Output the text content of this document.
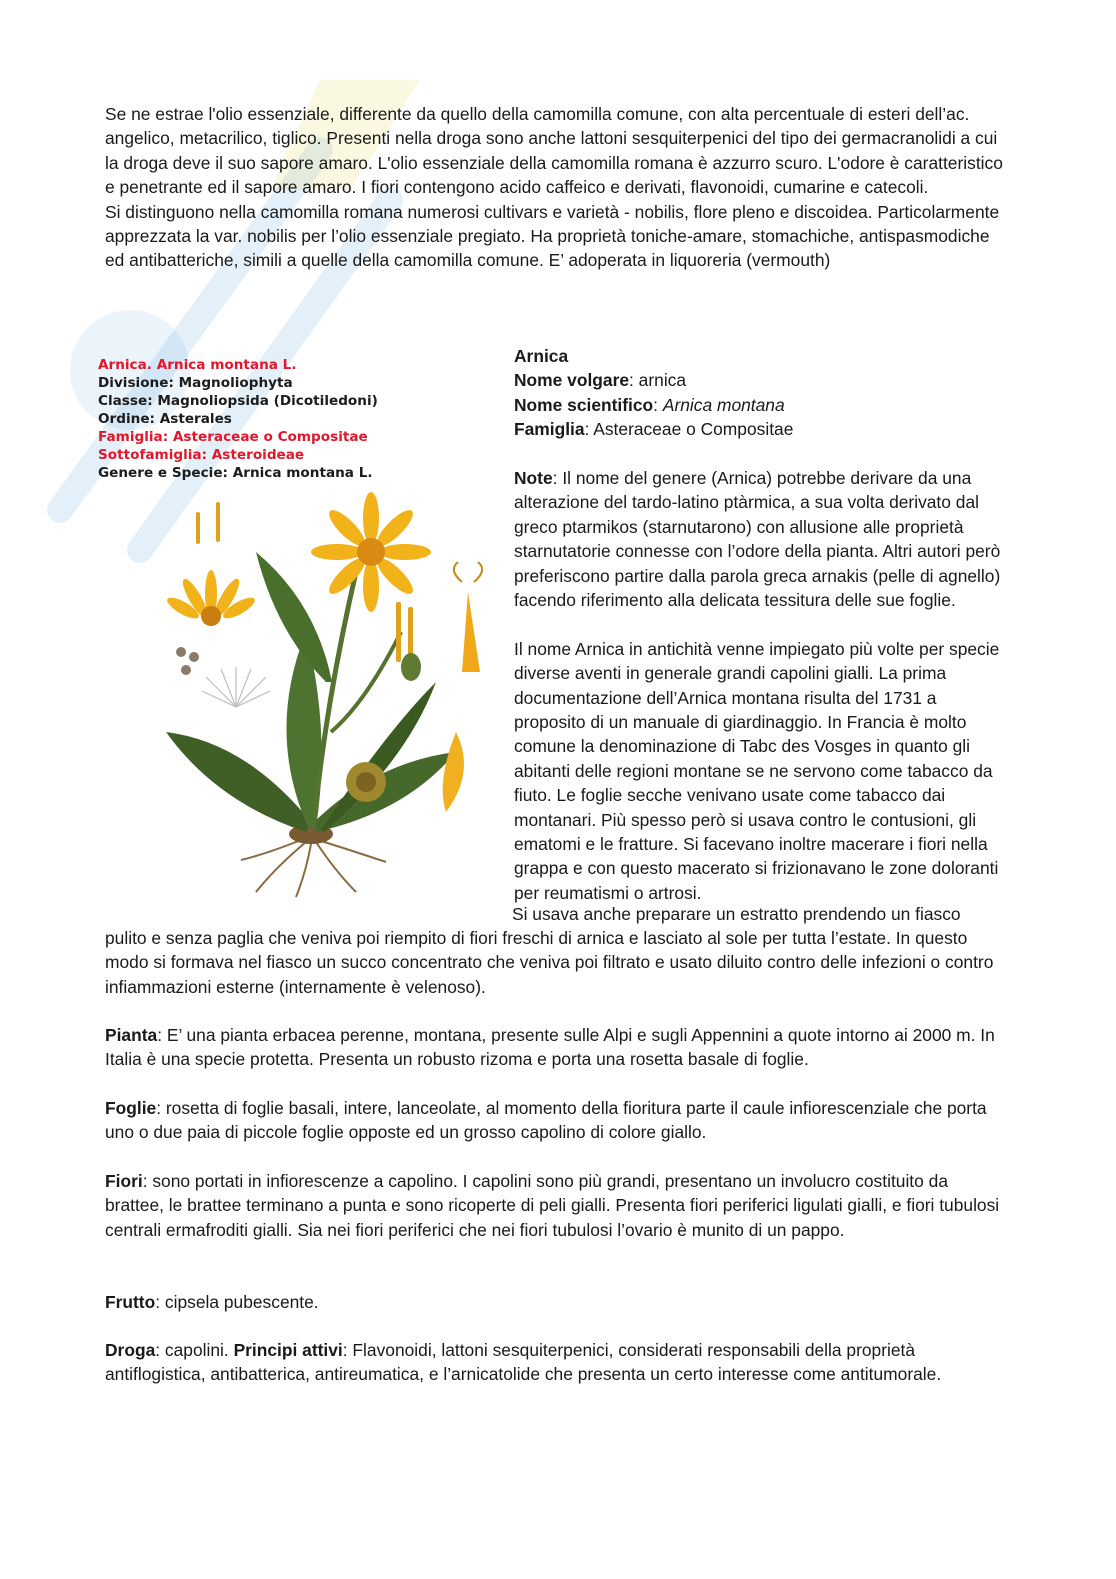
Se ne estrae l'olio essenziale, differente da quello della camomilla comune, con alta percentuale di esteri dell’ac. angelico, metacrilico, tiglico. Presenti nella droga sono anche lattoni sesquiterpenici del tipo dei germacranolidi a cui la droga deve il suo sapore amaro. L'olio essenziale della camomilla romana è azzurro scuro. L'odore è caratteristico e penetrante ed il sapore amaro. I fiori contengono acido caffeico e derivati, flavonoidi, cumarine e catecoli.

Si distinguono nella camomilla romana numerosi cultivars e varietà - nobilis, flore pleno e discoidea. Particolarmente apprezzata la var. nobilis per l’olio essenziale pregiato. Ha proprietà toniche-amare, stomachiche, antispasmodiche ed antibatteriche, simili a quelle della camomilla comune. E’ adoperata in liquoreria (vermouth)

Arnica. Arnica montana L.
Divisione: Magnoliophyta
Classe: Magnoliopsida (Dicotiledoni)
Ordine: Asterales
Famiglia: Asteraceae o Compositae
Sottofamiglia: Asteroideae
Genere e Specie: Arnica montana L.
Arnica
Nome volgare: arnica
Nome scientifico: Arnica montana
Famiglia: Asteraceae o Compositae
Note: Il nome del genere (Arnica) potrebbe derivare da una alterazione del tardo-latino ptàrmica, a sua volta derivato dal greco ptarmikos (starnutarono) con allusione alle proprietà starnutatorie connesse con l’odore della pianta. Altri autori però preferiscono partire dalla parola greca arnakis (pelle di agnello) facendo riferimento alla delicata tessitura delle sue foglie.
Il nome Arnica in antichità venne impiegato più volte per specie diverse aventi in generale grandi capolini gialli. La prima documentazione dell’Arnica montana risulta del 1731 a proposito di un manuale di giardinaggio. In Francia è molto comune la denominazione di Tabc des Vosges in quanto gli abitanti delle regioni montane se ne servono come tabacco da fiuto. Le foglie secche venivano usate come tabacco dai montanari. Più spesso però si usava contro le contusioni, gli ematomi e le fratture. Si facevano inoltre macerare i fiori nella grappa e con questo macerato si frizionavano le zone doloranti per reumatismi o artrosi.
Si usava anche preparare un estratto prendendo un fiasco
pulito e senza paglia che veniva poi riempito di fiori freschi di arnica e lasciato al sole per tutta l’estate. In questo modo si formava nel fiasco un succo concentrato che veniva poi filtrato e usato diluito contro delle infezioni o contro infiammazioni esterne (internamente è velenoso).
Pianta: E’ una pianta erbacea perenne, montana, presente sulle Alpi e sugli Appennini a quote intorno ai 2000 m. In Italia è una specie protetta. Presenta un robusto rizoma e porta una rosetta basale di foglie.
Foglie: rosetta di foglie basali, intere, lanceolate, al momento della fioritura parte il caule infiorescenziale che porta uno o due paia di piccole foglie opposte ed un grosso capolino di colore giallo.
Fiori: sono portati in infiorescenze a capolino. I capolini sono più grandi, presentano un involucro costituito da brattee, le brattee terminano a punta e sono ricoperte di peli gialli. Presenta fiori periferici ligulati gialli, e fiori tubulosi centrali ermafroditi gialli. Sia nei fiori periferici che nei fiori tubulosi l’ovario è munito di un pappo.
Frutto: cipsela pubescente.
Droga: capolini. Principi attivi: Flavonoidi, lattoni sesquiterpenici, considerati responsabili della proprietà antiflogistica, antibatterica, antireumatica, e l’arnicatolide che presenta un certo interesse come antitumorale.
